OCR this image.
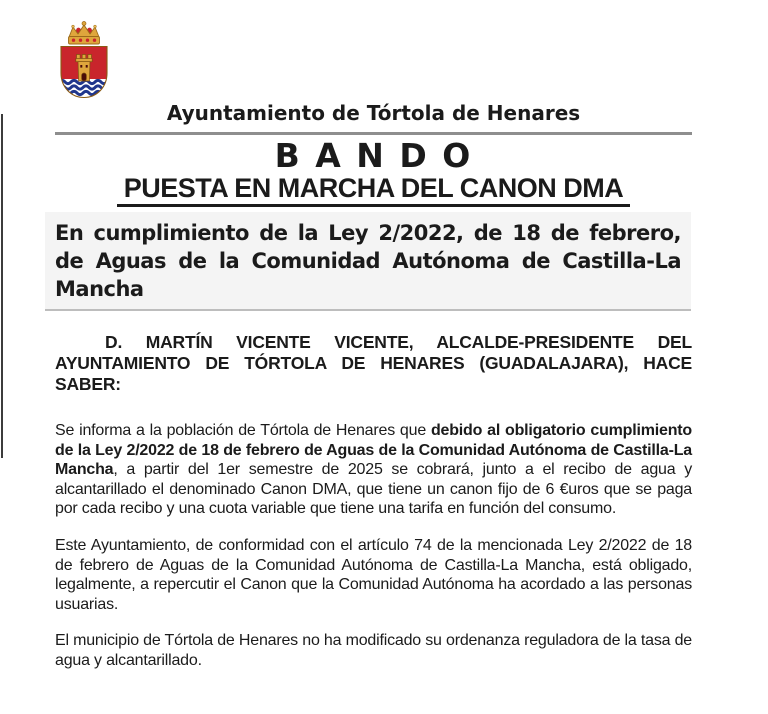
Ayuntamiento de Tórtola de Henares
B A N D O
PUESTA EN MARCHA DEL CANON DMA
En cumplimiento de la Ley 2/2022, de 18 de febrero, de Aguas de la Comunidad Autónoma de Castilla-La Mancha

D. MARTÍN VICENTE VICENTE, ALCALDE-PRESIDENTE DEL AYUNTAMIENTO DE TÓRTOLA DE HENARES (GUADALAJARA), HACE SABER:

Se informa a la población de Tórtola de Henares que debido al obligatorio cumplimiento de la Ley 2/2022 de 18 de febrero de Aguas de la Comunidad Autónoma de Castilla-La Mancha, a partir del 1er semestre de 2025 se cobrará, junto a el recibo de agua y alcantarillado el denominado Canon DMA, que tiene un canon fijo de 6 €uros que se paga por cada recibo y una cuota variable que tiene una tarifa en función del consumo.

Este Ayuntamiento, de conformidad con el artículo 74 de la mencionada Ley 2/2022 de 18 de febrero de Aguas de la Comunidad Autónoma de Castilla-La Mancha, está obligado, legalmente, a repercutir el Canon que la Comunidad Autónoma ha acordado a las personas usuarias.

El municipio de Tórtola de Henares no ha modificado su ordenanza reguladora de la tasa de agua y alcantarillado.
